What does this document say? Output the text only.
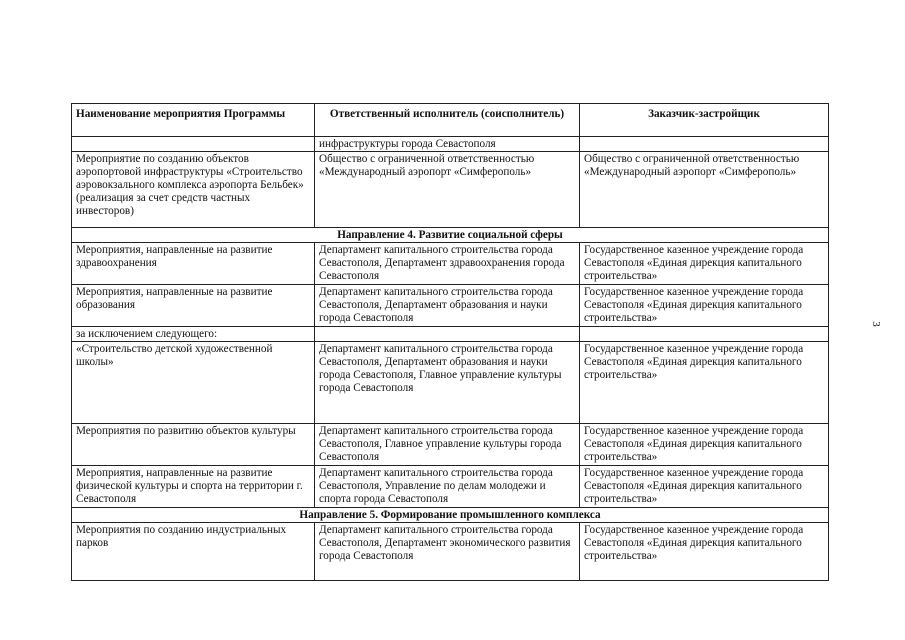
Наименование мероприятия Программы	Ответственный исполнитель (соисполнитель)	Заказчик-застройщик
	инфраструктуры города Севастополя	
Мероприятие по созданию объектов аэропортовой инфраструктуры «Строительство аэровокзального комплекса аэропорта Бельбек» (реализация за счет средств частных инвесторов)	Общество с ограниченной ответственностью «Международный аэропорт «Симферополь»	Общество с ограниченной ответственностью «Международный аэропорт «Симферополь»
Направление 4. Развитие социальной сферы		
Мероприятия, направленные на развитие здравоохранения	Департамент капитального строительства города Севастополя, Департамент здравоохранения города Севастополя	Государственное казенное учреждение города Севастополя «Единая дирекция капитального строительства»
Мероприятия, направленные на развитие образования	Департамент капитального строительства города Севастополя, Департамент образования и науки города Севастополя	Государственное казенное учреждение города Севастополя «Единая дирекция капитального строительства»
за исключением следующего:		
«Строительство детской художественной школы»	Департамент капитального строительства города Севастополя, Департамент образования и науки города Севастополя, Главное управление культуры города Севастополя	Государственное казенное учреждение города Севастополя «Единая дирекция капитального строительства»
Мероприятия по развитию объектов культуры	Департамент капитального строительства города Севастополя, Главное управление культуры города Севастополя	Государственное казенное учреждение города Севастополя «Единая дирекция капитального строительства»
Мероприятия, направленные на развитие физической культуры и спорта на территории г. Севастополя	Департамент капитального строительства города Севастополя, Управление по делам молодежи и спорта города Севастополя	Государственное казенное учреждение города Севастополя «Единая дирекция капитального строительства»
Направление 5. Формирование промышленного комплекса		
Мероприятия по созданию индустриальных парков	Департамент капитального строительства города Севастополя, Департамент экономического развития города Севастополя	Государственное казенное учреждение города Севастополя «Единая дирекция капитального строительства»
3
